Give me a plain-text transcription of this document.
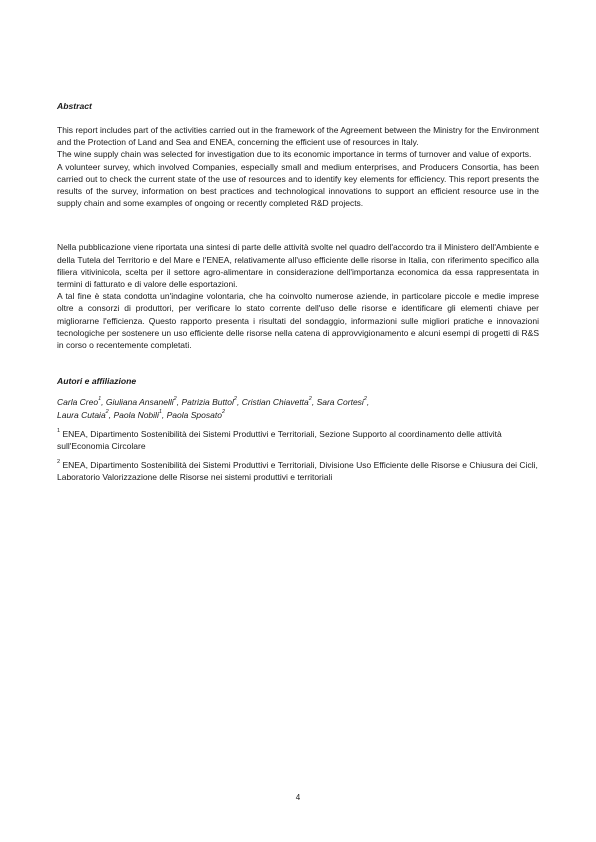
Abstract

This report includes part of the activities carried out in the framework of the Agreement between the Ministry for the Environment and the Protection of Land and Sea and ENEA, concerning the efficient use of resources in Italy.

The wine supply chain was selected for investigation due to its economic importance in terms of turnover and value of exports.

A volunteer survey, which involved Companies, especially small and medium enterprises, and Producers Consortia, has been carried out to check the current state of the use of resources and to identify key elements for efficiency. This report presents the results of the survey, information on best practices and technological innovations to support an efficient resource use in the supply chain and some examples of ongoing or recently completed R&D projects.

Nella pubblicazione viene riportata una sintesi di parte delle attività svolte nel quadro dell'accordo tra il Ministero dell'Ambiente e della Tutela del Territorio e del Mare e l'ENEA, relativamente all'uso efficiente delle risorse in Italia, con riferimento specifico alla filiera vitivinicola, scelta per il settore agro-alimentare in considerazione dell'importanza economica da essa rappresentata in termini di fatturato e di valore delle esportazioni.

A tal fine è stata condotta un'indagine volontaria, che ha coinvolto numerose aziende, in particolare piccole e medie imprese oltre a consorzi di produttori, per verificare lo stato corrente dell'uso delle risorse e identificare gli elementi chiave per migliorarne l'efficienza. Questo rapporto presenta i risultati del sondaggio, informazioni sulle migliori pratiche e innovazioni tecnologiche per sostenere un uso efficiente delle risorse nella catena di approvvigionamento e alcuni esempi di progetti di R&S in corso o recentemente completati.

Autori e affiliazione
Carla Creo$^1$, Giuliana Ansanelli$^2$, Patrizia Buttol$^2$, Cristian Chiavetta$^2$, Sara Cortesi$^2$,
Laura Cutaia$^2$, Paola Nobili$^1$, Paola Sposato$^2$
$^1$ ENEA, Dipartimento Sostenibilità dei Sistemi Produttivi e Territoriali, Sezione Supporto al coordinamento delle attività sull'Economia Circolare
$^2$ ENEA, Dipartimento Sostenibilità dei Sistemi Produttivi e Territoriali, Divisione Uso Efficiente delle Risorse e Chiusura dei Cicli, Laboratorio Valorizzazione delle Risorse nei sistemi produttivi e territoriali
4
